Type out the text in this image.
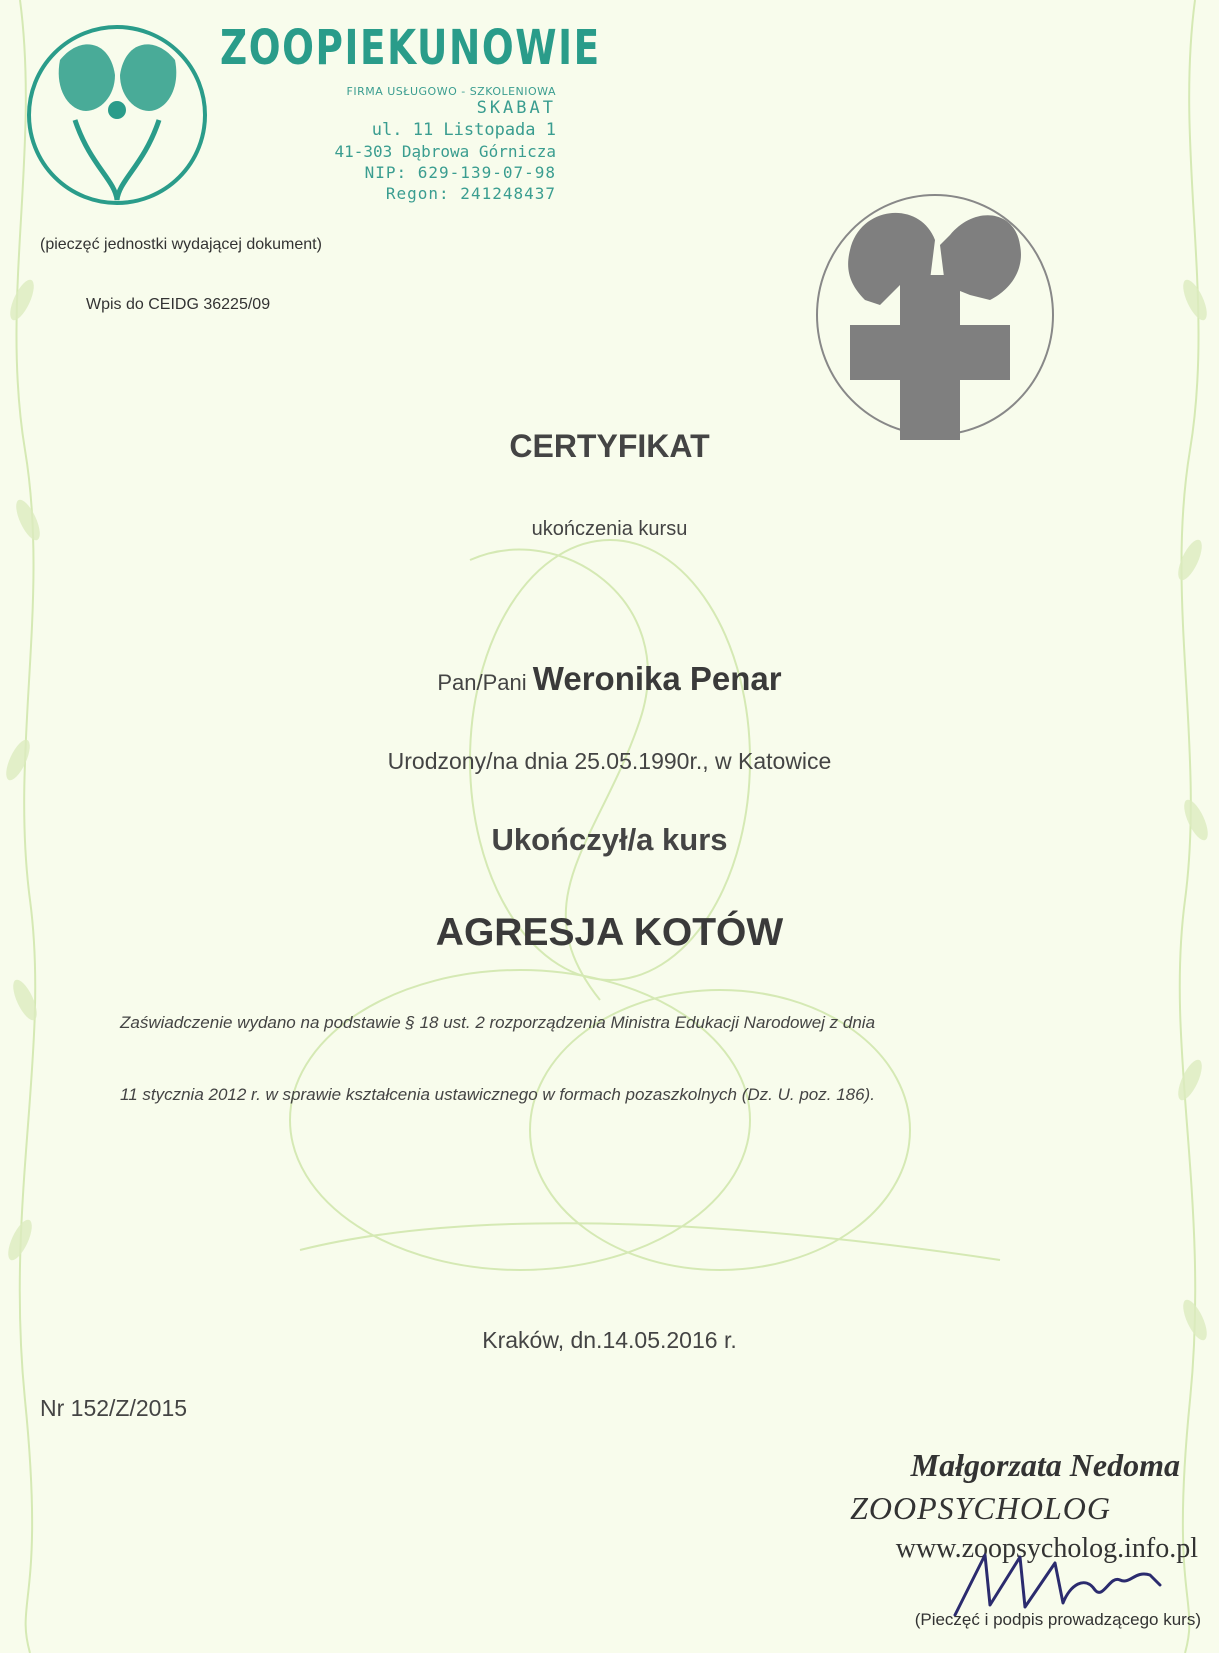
ZOOPIEKUNOWIE
FIRMA USŁUGOWO - SZKOLENIOWA
SKABAT
ul. 11 Listopada 1
41-303 Dąbrowa Górnicza
NIP: 629-139-07-98
Regon: 241248437
(pieczęć jednostki wydającej dokument)
Wpis do CEIDG 36225/09
CERTYFIKAT
ukończenia kursu
Pan/Pani Weronika Penar
Urodzony/na dnia 25.05.1990r., w Katowice
Ukończył/a kurs
AGRESJA KOTÓW
Zaświadczenie wydano na podstawie § 18 ust. 2 rozporządzenia Ministra Edukacji Narodowej z dnia
11 stycznia 2012 r. w sprawie kształcenia ustawicznego w formach pozaszkolnych (Dz. U. poz. 186).
Kraków, dn.14.05.2016 r.
Nr 152/Z/2015
Małgorzata Nedoma
ZOOPSYCHOLOG
www.zoopsycholog.info.pl
(Pieczęć i podpis prowadzącego kurs)
